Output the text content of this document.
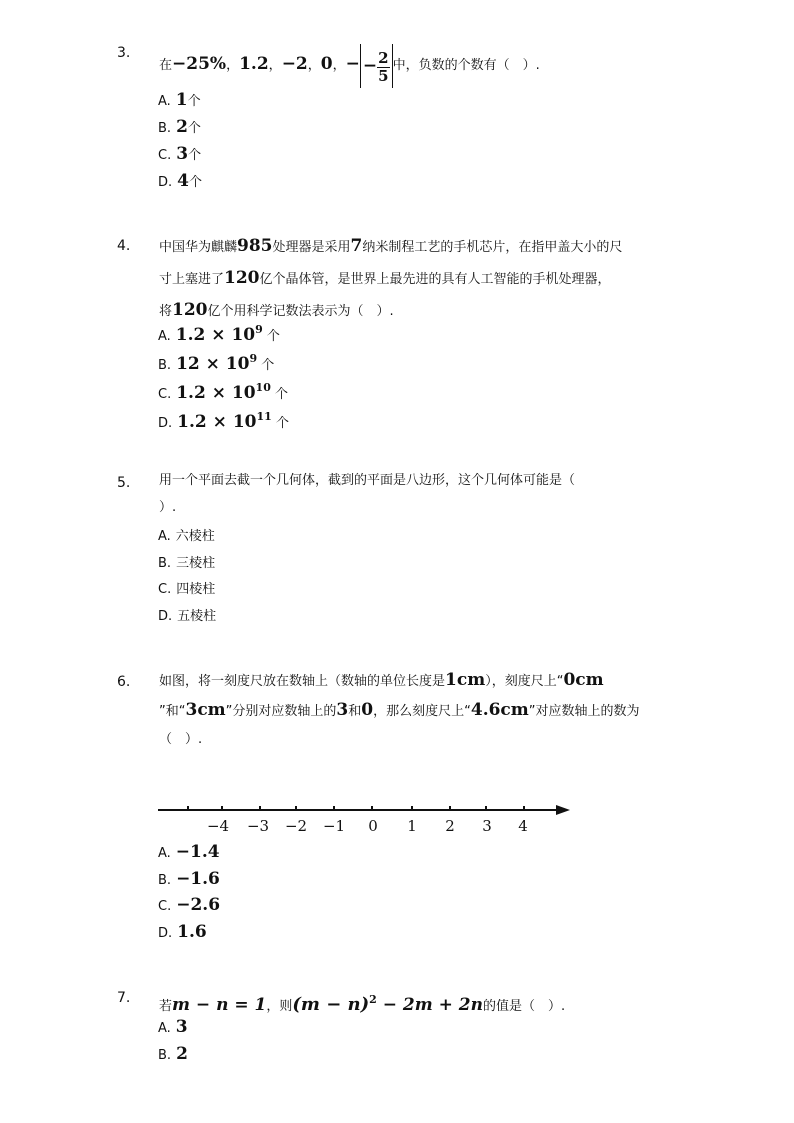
3.
在−25%，1.2，−2，0，− − $\frac{2}{5}$ 中，负数的个数有（　）.
A. 1个
B. 2个
C. 3个
D. 4个
4. 中国华为麒麟985处理器是采用7纳米制程工艺的手机芯片，在指甲盖大小的尺
寸上塞进了120亿个晶体管，是世界上最先进的具有人工智能的手机处理器，
将120亿个用科学记数法表示为（　）.
A. $1.2 \times 10^9$ 个
B. $12 \times 10^9$ 个
C. $1.2 \times 10^{10}$ 个
D. $1.2 \times 10^{11}$ 个
5. 用一个平面去截一个几何体，截到的平面是八边形，这个几何体可能是（
）.
A. 六棱柱
B. 三棱柱
C. 四棱柱
D. 五棱柱
6. 如图，将一刻度尺放在数轴上（数轴的单位长度是1cm），刻度尺上“0cm
”和“3cm”分别对应数轴上的3和0，那么刻度尺上“4.6cm”对应数轴上的数为
（　）.
−4 −3 −2 −1 0 1 2 3 4
A. −1.4
B. −1.6
C. −2.6
D. 1.6
7.
若m − n = 1，则$(m - n)^2 - 2m + 2n$的值是（　）.
A. 3
B. 2
